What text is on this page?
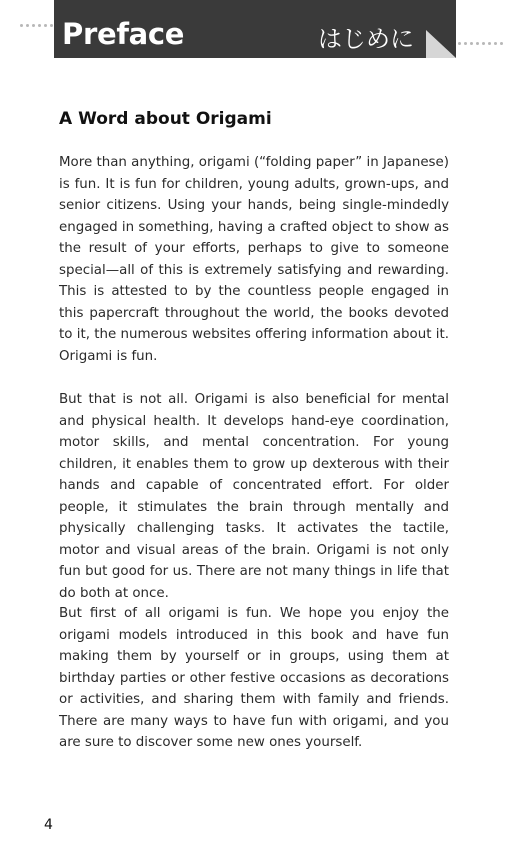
Preface	はじめに
A Word about Origami

More than anything, origami (“folding paper” in Japanese) is fun. It is fun for children, young adults, grown-ups, and senior citizens. Using your hands, being single-mindedly engaged in something, having a crafted object to show as the result of your efforts, perhaps to give to someone special—all of this is extremely satisfying and rewarding. This is attested to by the countless people engaged in this papercraft throughout the world, the books devoted to it, the numerous websites offering information about it. Origami is fun.

But that is not all. Origami is also beneficial for mental and physical health. It develops hand-eye coordination, motor skills, and mental concentration. For young children, it enables them to grow up dexterous with their hands and capable of concentrated effort. For older people, it stimulates the brain through mentally and physically challenging tasks. It activates the tactile, motor and visual areas of the brain. Origami is not only fun but good for us. There are not many things in life that do both at once.

But first of all origami is fun. We hope you enjoy the origami models introduced in this book and have fun making them by yourself or in groups, using them at birthday parties or other festive occasions as decorations or activities, and sharing them with family and friends. There are many ways to have fun with origami, and you are sure to discover some new ones yourself.

4
